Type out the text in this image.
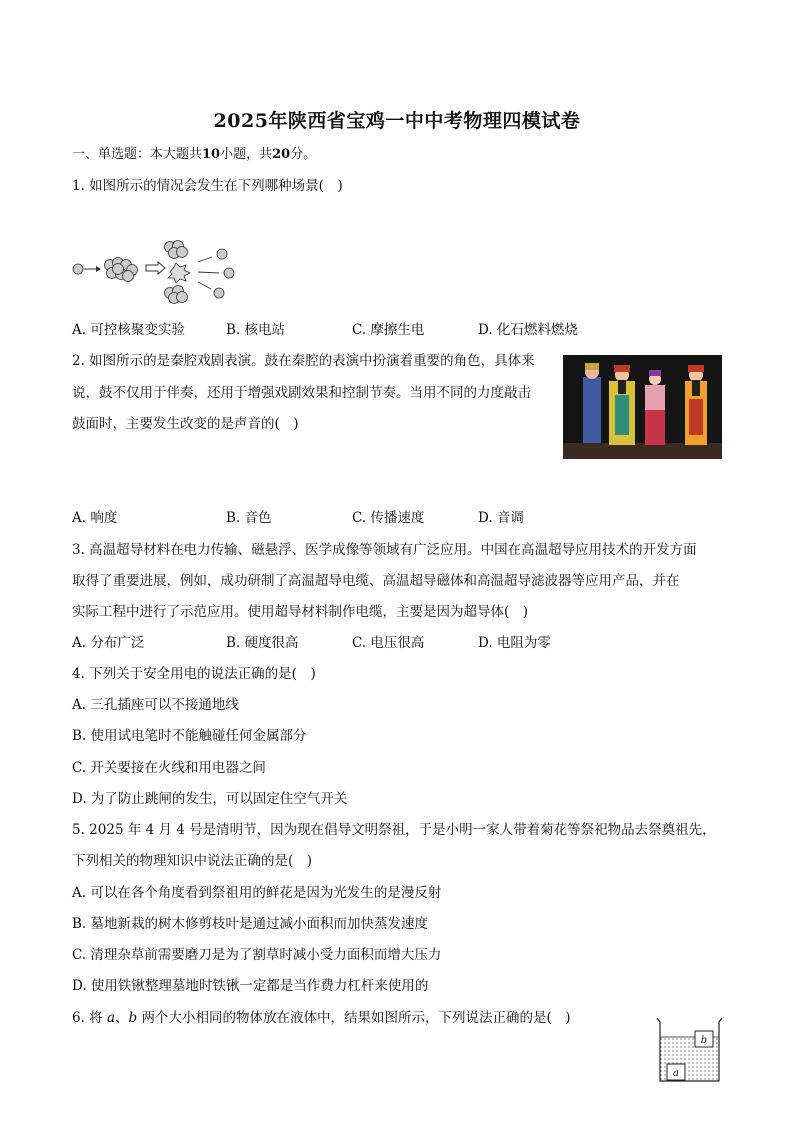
2025年陕西省宝鸡一中中考物理四模试卷
一、单选题：本大题共10小题，共20分。
1. 如图所示的情况会发生在下列哪种场景(　)
A. 可控核聚变实验	B. 核电站	C. 摩擦生电	D. 化石燃料燃烧
2. 如图所示的是秦腔戏剧表演。鼓在秦腔的表演中扮演着重要的角色，具体来
说，鼓不仅用于伴奏，还用于增强戏剧效果和控制节奏。当用不同的力度敲击
鼓面时，主要发生改变的是声音的(　)
A. 响度	B. 音色	C. 传播速度	D. 音调
3. 高温超导材料在电力传输、磁悬浮、医学成像等领域有广泛应用。中国在高温超导应用技术的开发方面
取得了重要进展，例如，成功研制了高温超导电缆、高温超导磁体和高温超导滤波器等应用产品，并在
实际工程中进行了示范应用。使用超导材料制作电缆，主要是因为超导体(　)
A. 分布广泛	B. 硬度很高	C. 电压很高	D. 电阻为零
4. 下列关于安全用电的说法正确的是(　)
A. 三孔插座可以不接通地线
B. 使用试电笔时不能触碰任何金属部分
C. 开关要接在火线和用电器之间
D. 为了防止跳闸的发生，可以固定住空气开关
5. 2025 年 4 月 4 号是清明节，因为现在倡导文明祭祖，于是小明一家人带着菊花等祭祀物品去祭奠祖先，
下列相关的物理知识中说法正确的是(　)
A. 可以在各个角度看到祭祖用的鲜花是因为光发生的是漫反射
B. 墓地新栽的树木修剪枝叶是通过减小面积而加快蒸发速度
C. 清理杂草前需要磨刀是为了割草时减小受力面积而增大压力
D. 使用铁锹整理墓地时铁锹一定都是当作费力杠杆来使用的
6. 将 a、b 两个大小相同的物体放在液体中，结果如图所示，下列说法正确的是(　)
b
a
